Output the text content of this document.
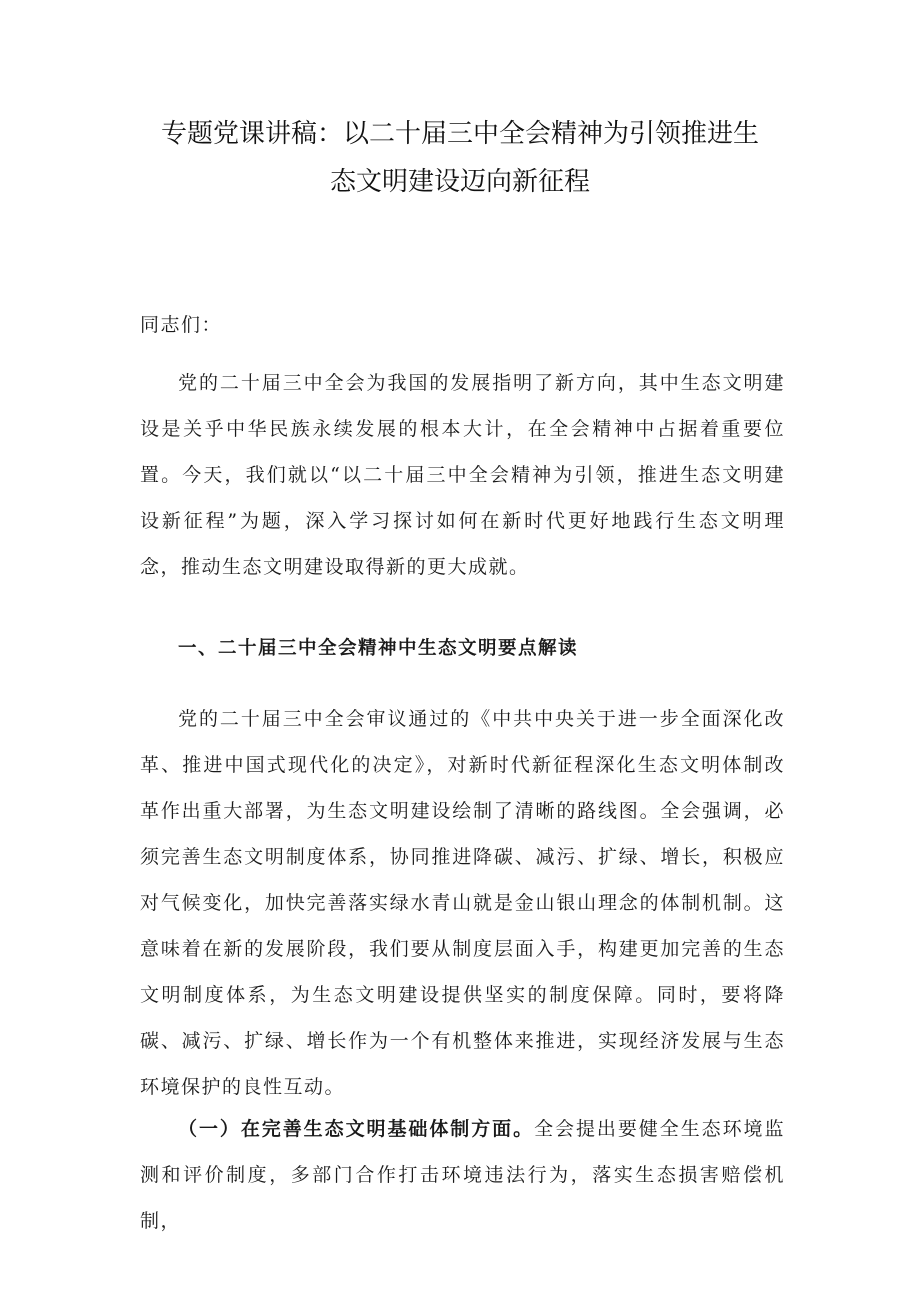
专题党课讲稿：以二十届三中全会精神为引领推进生
态文明建设迈向新征程
同志们：
党的二十届三中全会为我国的发展指明了新方向，其中生态文明建设是关乎中华民族永续发展的根本大计，在全会精神中占据着重要位置。今天，我们就以“以二十届三中全会精神为引领，推进生态文明建设新征程”为题，深入学习探讨如何在新时代更好地践行生态文明理念，推动生态文明建设取得新的更大成就。
一、二十届三中全会精神中生态文明要点解读
党的二十届三中全会审议通过的《中共中央关于进一步全面深化改革、推进中国式现代化的决定》，对新时代新征程深化生态文明体制改革作出重大部署，为生态文明建设绘制了清晰的路线图。全会强调，必须完善生态文明制度体系，协同推进降碳、减污、扩绿、增长，积极应对气候变化，加快完善落实绿水青山就是金山银山理念的体制机制。这意味着在新的发展阶段，我们要从制度层面入手，构建更加完善的生态文明制度体系，为生态文明建设提供坚实的制度保障。同时，要将降碳、减污、扩绿、增长作为一个有机整体来推进，实现经济发展与生态环境保护的良性互动。
（一）在完善生态文明基础体制方面。全会提出要健全生态环境监测和评价制度，多部门合作打击环境违法行为，落实生态损害赔偿机制，
